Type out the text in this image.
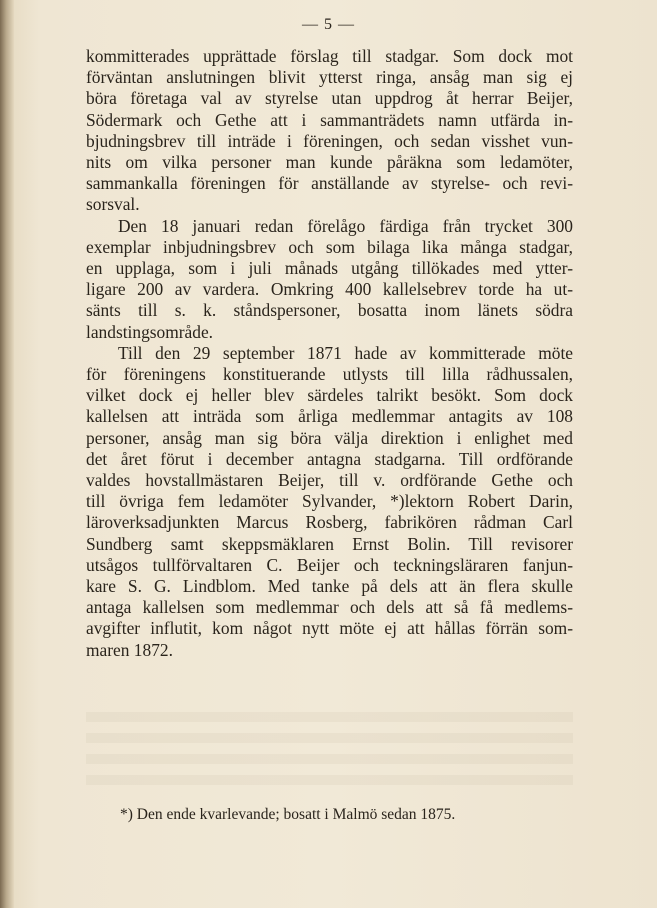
— 5 —
kommitterades upprättade förslag till stadgar. Som dock mot
förväntan anslutningen blivit ytterst ringa, ansåg man sig ej
böra företaga val av styrelse utan uppdrog åt herrar Beijer,
Södermark och Gethe att i sammanträdets namn utfärda in-
bjudningsbrev till inträde i föreningen, och sedan visshet vun-
nits om vilka personer man kunde påräkna som ledamöter,
sammankalla föreningen för anställande av styrelse- och revi-
sorsval.
Den 18 januari redan förelågo färdiga från trycket 300
exemplar inbjudningsbrev och som bilaga lika många stadgar,
en upplaga, som i juli månads utgång tillökades med ytter-
ligare 200 av vardera. Omkring 400 kallelsebrev torde ha ut-
sänts till s. k. ståndspersoner, bosatta inom länets södra
landstingsområde.
Till den 29 september 1871 hade av kommitterade möte
för föreningens konstituerande utlysts till lilla rådhussalen,
vilket dock ej heller blev särdeles talrikt besökt. Som dock
kallelsen att inträda som årliga medlemmar antagits av 108
personer, ansåg man sig böra välja direktion i enlighet med
det året förut i december antagna stadgarna. Till ordförande
valdes hovstallmästaren Beijer, till v. ordförande Gethe och
till övriga fem ledamöter Sylvander, *)lektorn Robert Darin,
läroverksadjunkten Marcus Rosberg, fabrikören rådman Carl
Sundberg samt skeppsmäklaren Ernst Bolin. Till revisorer
utsågos tullförvaltaren C. Beijer och teckningsläraren fanjun-
kare S. G. Lindblom. Med tanke på dels att än flera skulle
antaga kallelsen som medlemmar och dels att så få medlems-
avgifter influtit, kom något nytt möte ej att hållas förrän som-
maren 1872.
*) Den ende kvarlevande; bosatt i Malmö sedan 1875.
